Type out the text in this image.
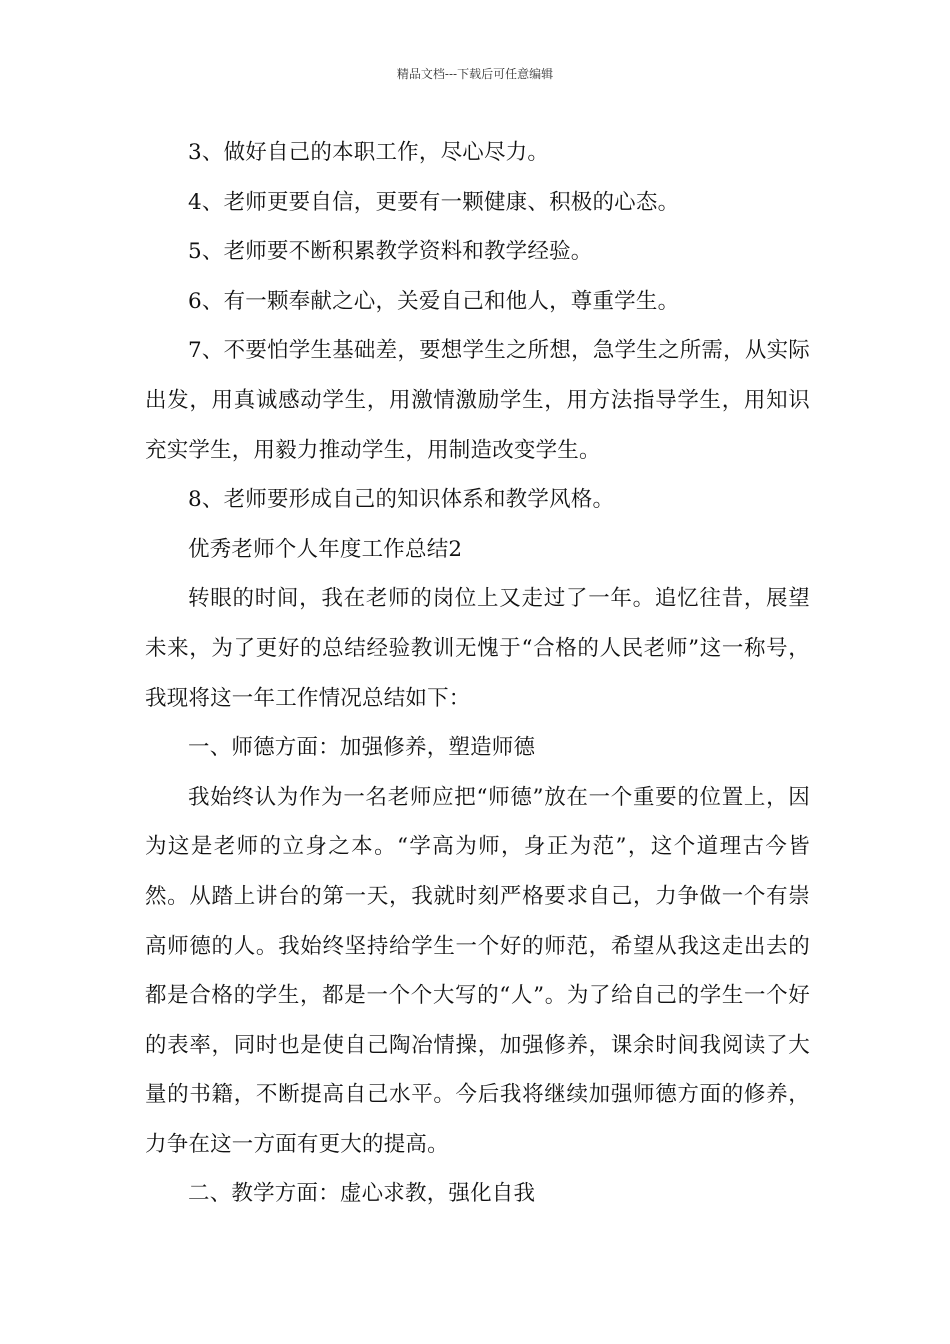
精品文档---下载后可任意编辑

3、做好自己的本职工作，尽心尽力。

4、老师更要自信，更要有一颗健康、积极的心态。

5、老师要不断积累教学资料和教学经验。

6、有一颗奉献之心，关爱自己和他人，尊重学生。

7、不要怕学生基础差，要想学生之所想，急学生之所需，从实际出发，用真诚感动学生，用激情激励学生，用方法指导学生，用知识充实学生，用毅力推动学生，用制造改变学生。

8、老师要形成自己的知识体系和教学风格。

优秀老师个人年度工作总结2

转眼的时间，我在老师的岗位上又走过了一年。追忆往昔，展望未来，为了更好的总结经验教训无愧于“合格的人民老师”这一称号，我现将这一年工作情况总结如下：

一、师德方面：加强修养，塑造师德

我始终认为作为一名老师应把“师德”放在一个重要的位置上，因为这是老师的立身之本。“学高为师，身正为范”，这个道理古今皆然。从踏上讲台的第一天，我就时刻严格要求自己，力争做一个有崇高师德的人。我始终坚持给学生一个好的师范，希望从我这走出去的都是合格的学生，都是一个个大写的“人”。为了给自己的学生一个好的表率，同时也是使自己陶冶情操，加强修养，课余时间我阅读了大量的书籍，不断提高自己水平。今后我将继续加强师德方面的修养，力争在这一方面有更大的提高。

二、教学方面：虚心求教，强化自我
